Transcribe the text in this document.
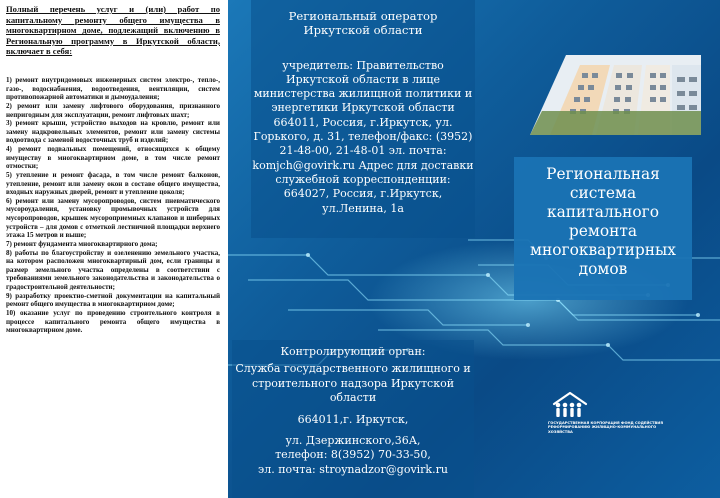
Полный перечень услуг и (или) работ по капитальному ремонту общего имущества в многоквартирном доме, подлежащий включению в Региональную программу в Иркутской области, включает в себя:
1) ремонт внутридомовых инженерных систем электро-, тепло-, газо-, водоснабжения, водоотведения, вентиляции, систем противопожарной автоматики и дымоудаления;
2) ремонт или замену лифтового оборудования, признанного непригодным для эксплуатации, ремонт лифтовых шахт;
3) ремонт крыши, устройство выходов на кровлю, ремонт или замену надкровельных элементов, ремонт или замену системы водоотвода с заменой водосточных труб и изделий;
4) ремонт подвальных помещений, относящихся к общему имуществу в многоквартирном доме, в том числе ремонт отмостки;
5) утепление и ремонт фасада, в том числе ремонт балконов, утепление, ремонт или замену окон в составе общего имущества, входных наружных дверей, ремонт и утепление цоколя;
6) ремонт или замену мусоропроводов, систем пневматического мусороудаления, установку промывочных устройств для мусоропроводов, крышек мусороприемных клапанов и шиберных устройств – для домов с отметкой лестничной площадки верхнего этажа 15 метров и выше;
7) ремонт фундамента многоквартирного дома;
8) работы по благоустройству и озеленению земельного участка, на котором расположен многоквартирный дом, если границы и размер земельного участка определены в соответствии с требованиями земельного законодательства и законодательства о градостроительной деятельности;
9) разработку проектно-сметной документации на капитальный ремонт общего имущества в многоквартирном доме;
10) оказание услуг по проведению строительного контроля в процессе капитального ремонта общего имущества в многоквартирном доме.
Региональный оператор
Иркутской области
учредитель: Правительство Иркутской области в лице министерства жилищной политики и энергетики Иркутской области 664011, Россия, г.Иркутск, ул. Горького, д. 31, телефон/факс: (3952) 21-48-00, 21-48-01 эл. почта: komjch@govirk.ru Адрес для доставки служебной корреспонденции: 664027, Россия, г.Иркутск, ул.Ленина, 1а
Региональная система капитального ремонта многоквартирных домов
Контролирующий орган:
Служба государственного жилищного и строительного надзора Иркутской области
664011,г. Иркутск,
ул. Дзержинского,36А,
телефон: 8(3952) 70-33-50,
эл. почта: stroynadzor@govirk.ru
ГОСУДАРСТВЕННАЯ КОРПОРАЦИЯ ФОНД СОДЕЙСТВИЯ РЕФОРМИРОВАНИЮ ЖИЛИЩНО-КОММУНАЛЬНОГО ХОЗЯЙСТВА
